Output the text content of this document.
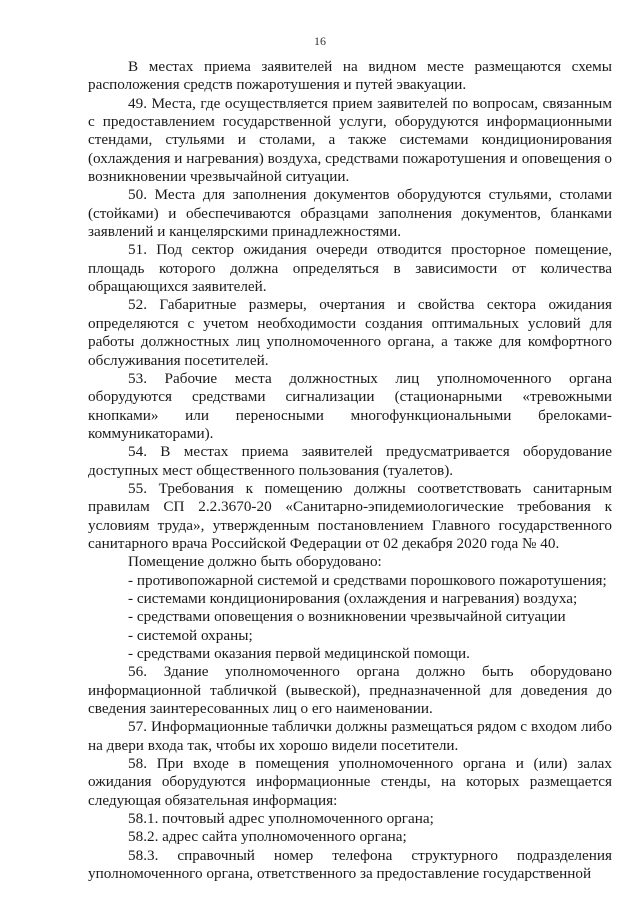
16

В местах приема заявителей на видном месте размещаются схемы расположения средств пожаротушения и путей эвакуации.

49. Места, где осуществляется прием заявителей по вопросам, связанным с предоставлением государственной услуги, оборудуются информационными стендами, стульями и столами, а также системами кондиционирования (охлаждения и нагревания) воздуха, средствами пожаротушения и оповещения о возникновении чрезвычайной ситуации.

50. Места для заполнения документов оборудуются стульями, столами (стойками) и обеспечиваются образцами заполнения документов, бланками заявлений и канцелярскими принадлежностями.

51. Под сектор ожидания очереди отводится просторное помещение, площадь которого должна определяться в зависимости от количества обращающихся заявителей.

52. Габаритные размеры, очертания и свойства сектора ожидания определяются с учетом необходимости создания оптимальных условий для работы должностных лиц уполномоченного органа, а также для комфортного обслуживания посетителей.

53. Рабочие места должностных лиц уполномоченного органа оборудуются средствами сигнализации (стационарными «тревожными кнопками» или переносными многофункциональными брелоками-коммуникаторами).

54. В местах приема заявителей предусматривается оборудование доступных мест общественного пользования (туалетов).

55. Требования к помещению должны соответствовать санитарным правилам СП 2.2.3670-20 «Санитарно-эпидемиологические требования к условиям труда», утвержденным постановлением Главного государственного санитарного врача Российской Федерации от 02 декабря 2020 года № 40.

Помещение должно быть оборудовано:

- противопожарной системой и средствами порошкового пожаротушения;

- системами кондиционирования (охлаждения и нагревания) воздуха;

- средствами оповещения о возникновении чрезвычайной ситуации

- системой охраны;

- средствами оказания первой медицинской помощи.

56. Здание уполномоченного органа должно быть оборудовано информационной табличкой (вывеской), предназначенной для доведения до сведения заинтересованных лиц о его наименовании.

57. Информационные таблички должны размещаться рядом с входом либо на двери входа так, чтобы их хорошо видели посетители.

58. При входе в помещения уполномоченного органа и (или) залах ожидания оборудуются информационные стенды, на которых размещается следующая обязательная информация:

58.1. почтовый адрес уполномоченного органа;

58.2. адрес сайта уполномоченного органа;

58.3. справочный номер телефона структурного подразделения уполномоченного органа, ответственного за предоставление государственной
